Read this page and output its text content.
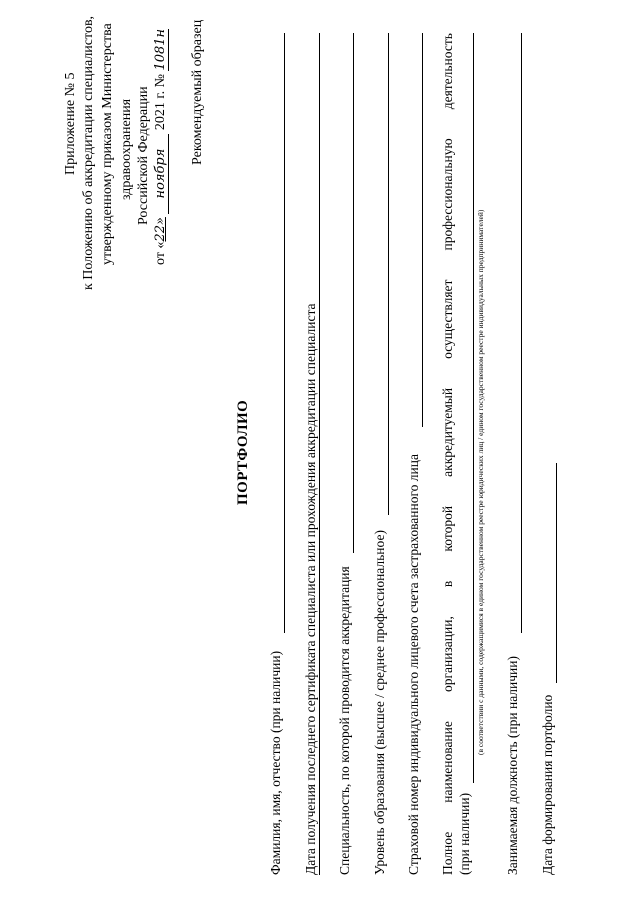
Приложение № 5 к Положению об аккредитации специалистов, утвержденному приказом Министерства здравоохранения Российской Федерации
от «22» ноября 2021 г. № 1081н Рекомендуемый образец
ПОРТФОЛИО
Фамилия, имя, отчество (при наличии) Дата получения последнего сертификата специалиста или прохождения аккредитации специалиста Специальность, по которой проводится аккредитация Уровень образования (высшее / среднее профессиональное) Страховой номер индивидуального лицевого счета застрахованного лица Полное
наименование
организации,
в
которой
аккредитуемый
осуществляет
профессиональную
деятельность
(при наличии)
(в соответствии с данными, содержащимися в едином государственном реестре юридических лиц / едином государственном реестре индивидуальных предпринимателей)
Занимаемая должность (при наличии) Дата формирования портфолио
